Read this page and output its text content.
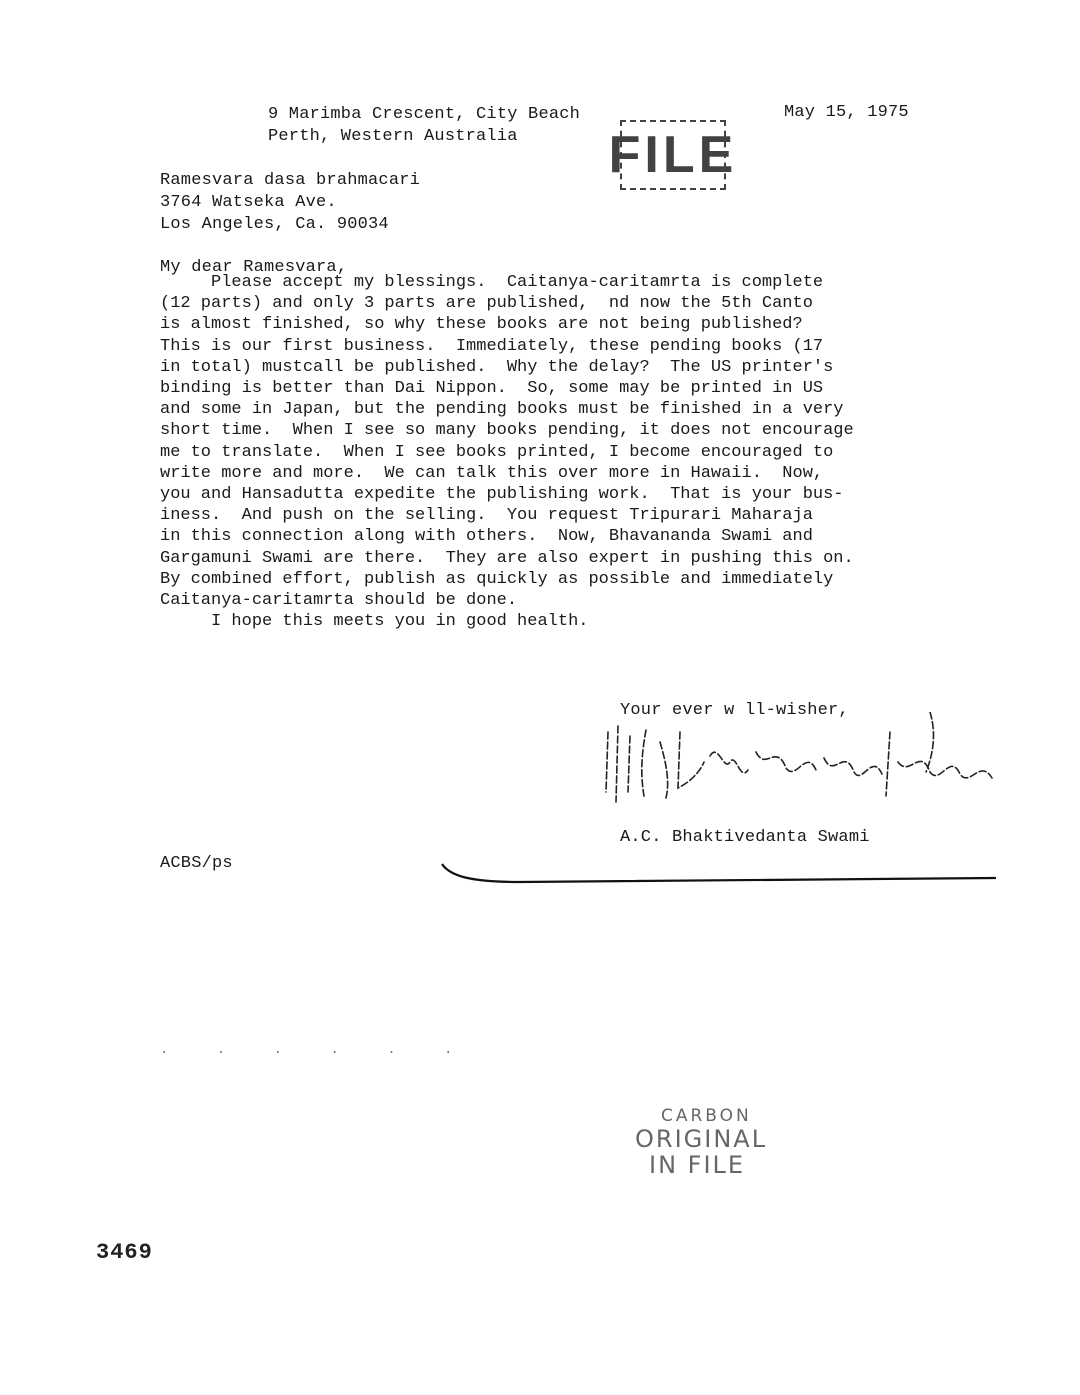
9 Marimba Crescent, City Beach
Perth, Western Australia
May 15, 1975
FILE
Ramesvara dasa brahmacari
3764 Watseka Ave.
Los Angeles, Ca. 90034
My dear Ramesvara,

Please accept my blessings.  Caitanya-caritamrta is complete

(12 parts) and only 3 parts are published,  nd now the 5th Canto

is almost finished, so why these books are not being published?

This is our first business.  Immediately, these pending books (17

in total) mustcall be published.  Why the delay?  The US printer's

binding is better than Dai Nippon.  So, some may be printed in US

and some in Japan, but the pending books must be finished in a very

short time.  When I see so many books pending, it does not encourage

me to translate.  When I see books printed, I become encouraged to

write more and more.  We can talk this over more in Hawaii.  Now,

you and Hansadutta expedite the publishing work.  That is your bus-

iness.  And push on the selling.  You request Tripurari Maharaja

in this connection along with others.  Now, Bhavananda Swami and

Gargamuni Swami are there.  They are also expert in pushing this on.

By combined effort, publish as quickly as possible and immediately

Caitanya-caritamrta should be done.

I hope this meets you in good health.

Your ever w ll-wisher,
A.C. Bhaktivedanta Swami
ACBS/ps
. . . . . .
CARBON
ORIGINAL
IN FILE
3469
